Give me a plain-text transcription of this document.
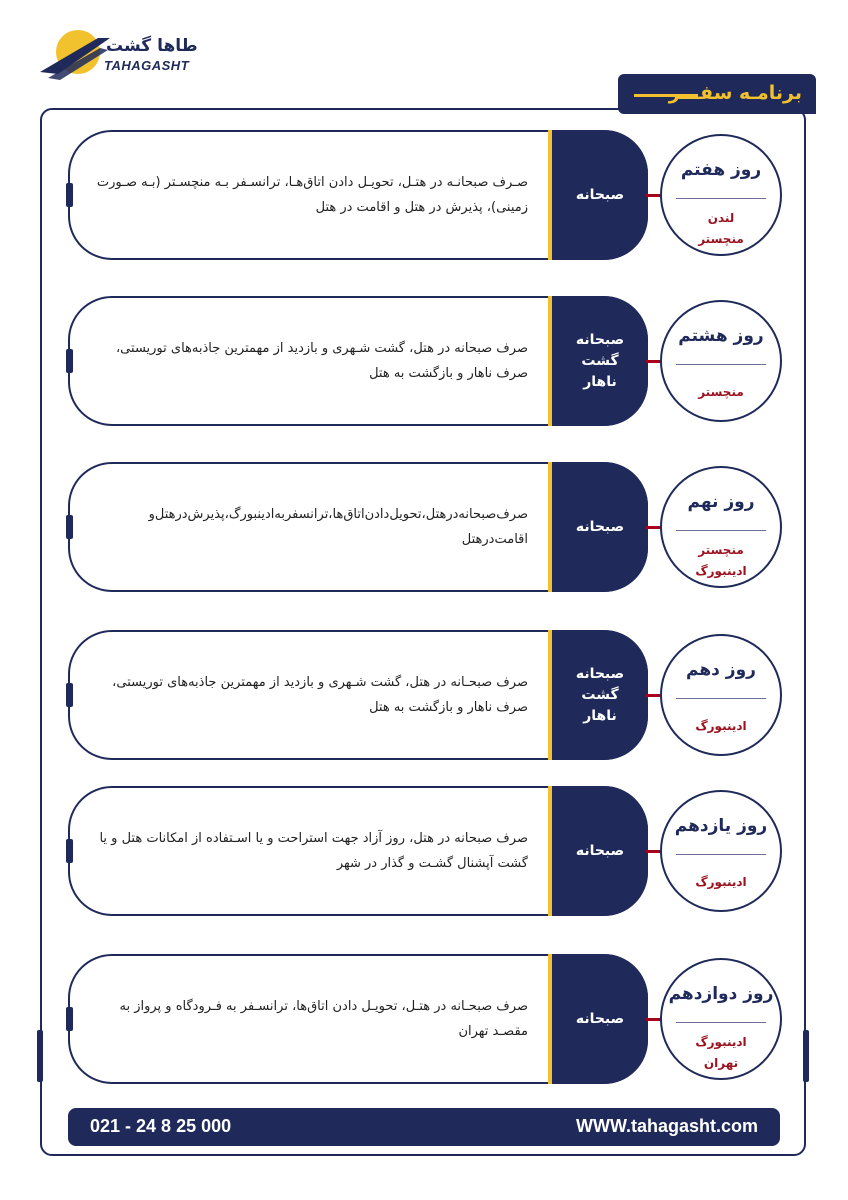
طاها گشت
TAHAGASHT
برنامـه سفـــر
صـرف صبحانـه در هتـل، تحویـل دادن اتاق‌هـا، ترانسـفر بـه منچسـتر (بـه صـورت زمینی)، پذیرش در هتل و اقامت در هتل
صبحانه
روز هفتم
لندن
منچستر
صرف صبحانه در هتل، گشت شـهری و بازدید از مهمترین جاذبه‌های توریستی، صرف ناهار و بازگشت به هتل
صبحانه
گشت
ناهار
روز هشتم
منچستر
صرف‌صبحانه‌در‌هتل،تحویل‌دادن‌اتاق‌ها،ترانسفربه‌ادینبورگ،پذیرش‌در‌هتل‌و اقامت‌در‌هتل
صبحانه
روز نهم
منچستر
ادینبورگ
صرف صبحـانه در هتل، گشت شـهری و بازدید از مهمترین جاذبه‌های توریستی، صرف ناهار و بازگشت به هتل
صبحانه
گشت
ناهار
روز دهم
ادینبورگ
صرف صبحانه در هتل، روز آزاد جهت استراحت و یا اسـتفاده از امکانات هتل و یا گشت آپشنال گشـت و گذار در شهر
صبحانه
روز یازدهم
ادینبورگ
صرف صبحـانه در هتـل، تحویـل دادن اتاق‌ها، ترانسـفر به فـرودگاه و پرواز به مقصـد تهران
صبحانه
روز دوازدهم
ادینبورگ
تهران
021 - 24 8 25 000	WWW.tahagasht.com
